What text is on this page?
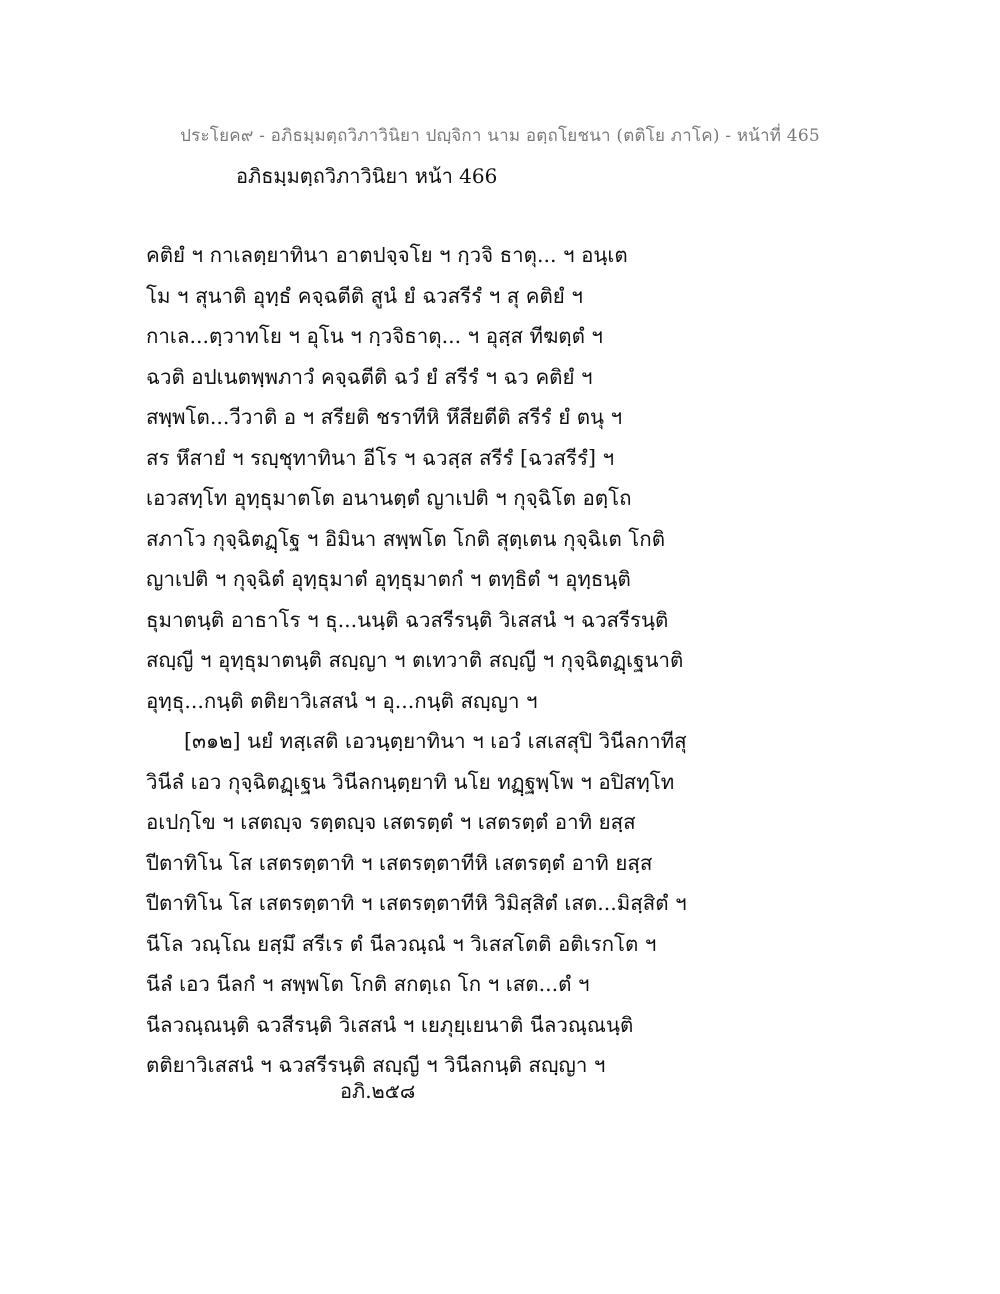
ประโยค๙ - อภิธมฺมตฺถวิภาวินิยา ปญฺจิกา นาม อตฺถโยชนา (ตติโย ภาโค) - หน้าที่ 465
อภิธมฺมตฺถวิภาวินิยา หน้า 466
คติยํ ฯ กาเลตฺยาทินา อาตปจฺจโย ฯ กฺวจิ ธาตุ... ฯ อนฺเต
โม ฯ สุนาติ อุทฺธํ คจฺฉตีติ สูนํ ยํ ฉวสรีรํ ฯ สุ คติยํ ฯ
กาเล...ตฺวาทโย ฯ อุโน ฯ กฺวจิธาตุ... ฯ อุสฺส ทีฆตฺตํ ฯ
ฉวติ อปเนตพฺพภาวํ คจฺฉตีติ ฉวํ ยํ สรีรํ ฯ ฉว คติยํ ฯ
สพฺพโต...วีวาติ อ ฯ สรียติ ชราทีหิ หึสียตีติ สรีรํ ยํ ตนุ ฯ
สร หึสายํ ฯ รญฺชุทาทินา อีโร ฯ ฉวสฺส สรีรํ [ฉวสรีรํ] ฯ
เอวสทฺโท อุทฺธุมาตโต อนานตฺตํ ญาเปติ ฯ กุจฺฉิโต อตฺโถ
สภาโว กุจฺฉิตฏฺโฐ ฯ อิมินา สพฺพโต โกติ สุตฺเตน กุจฺฉิเต โกติ
ญาเปติ ฯ กุจฺฉิตํ อุทฺธุมาตํ อุทฺธุมาตกํ ฯ ตทฺธิตํ ฯ อุทฺธนฺติ
ธุมาตนฺติ อาธาโร ฯ ธุ...นนฺติ ฉวสรีรนฺติ วิเสสนํ ฯ ฉวสรีรนฺติ
สญฺญี ฯ อุทฺธุมาตนฺติ สญฺญา ฯ ตเทวาติ สญฺญี ฯ กุจฺฉิตฏฺเฐนาติ
อุทฺธุ...กนฺติ ตติยาวิเสสนํ ฯ อุ...กนฺติ สญฺญา ฯ
[๓๑๒] นยํ ทสฺเสติ เอวนฺตฺยาทินา ฯ เอวํ เสเสสุปิ วินีลกาทีสุ
วินีลํ เอว กุจฺฉิตฏฺเฐน วินีลกนฺตฺยาทิ นโย ทฏฺฐพฺโพ ฯ อปิสทฺโท
อเปกฺโข ฯ เสตญฺจ รตฺตญฺจ เสตรตฺตํ ฯ เสตรตฺตํ อาทิ ยสฺส
ปีตาทิโน โส เสตรตฺตาทิ ฯ เสตรตฺตาทีหิ เสตรตฺตํ อาทิ ยสฺส
ปีตาทิโน โส เสตรตฺตาทิ ฯ เสตรตฺตาทีหิ วิมิสฺสิตํ เสต...มิสฺสิตํ ฯ
นีโล วณฺโณ ยสฺมึ สรีเร ตํ นีลวณฺณํ ฯ วิเสสโตติ อติเรกโต ฯ
นีลํ เอว นีลกํ ฯ สพฺพโต โกติ สกตฺเถ โก ฯ เสต...ตํ ฯ
นีลวณฺณนฺติ ฉวสีรนฺติ วิเสสนํ ฯ เยภุยฺเยนาติ นีลวณฺณนฺติ
ตติยาวิเสสนํ ฯ ฉวสรีรนฺติ สญฺญี ฯ วินีลกนฺติ สญฺญา ฯ
อภิ.๒๕๘
